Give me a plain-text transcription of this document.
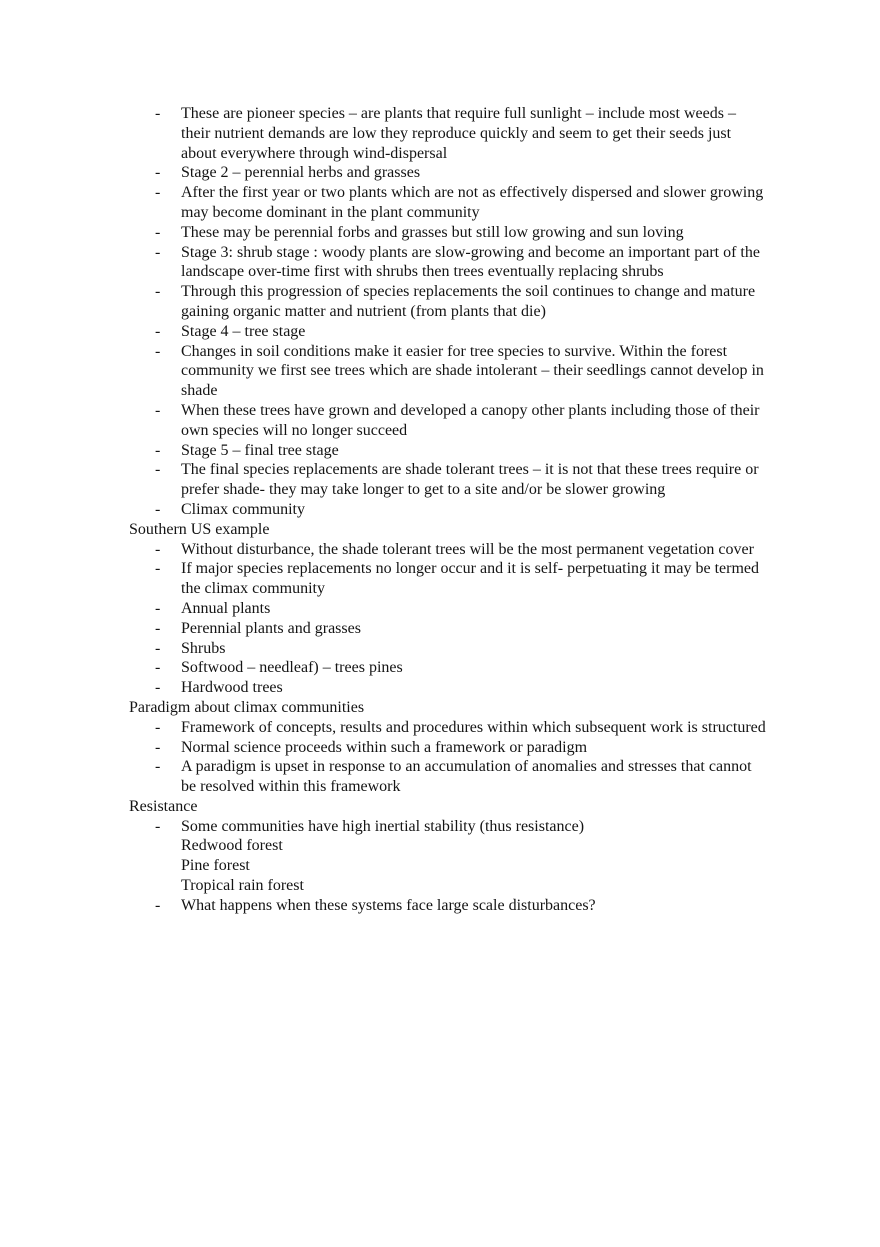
- These are pioneer species – are plants that require full sunlight – include most weeds – their nutrient demands are low they reproduce quickly and seem to get their seeds just about everywhere through wind-dispersal
- Stage 2 – perennial herbs and grasses
- After the first year or two plants which are not as effectively dispersed and slower growing may become dominant in the plant community
- These may be perennial forbs and grasses but still low growing and sun loving
- Stage 3: shrub stage : woody plants are slow-growing and become an important part of the landscape over-time first with shrubs then trees eventually replacing shrubs
- Through this progression of species replacements the soil continues to change and mature gaining organic matter and nutrient (from plants that die)
- Stage 4 – tree stage
- Changes in soil conditions make it easier for tree species to survive. Within the forest community we first see trees which are shade intolerant – their seedlings cannot develop in shade
- When these trees have grown and developed a canopy other plants including those of their own species will no longer succeed
- Stage 5 – final tree stage
- The final species replacements are shade tolerant trees – it is not that these trees require or prefer shade- they may take longer to get to a site and/or be slower growing
- Climax community
Southern US example
- Without disturbance, the shade tolerant trees will be the most permanent vegetation cover
- If major species replacements no longer occur and it is self- perpetuating it may be termed the climax community
- Annual plants
- Perennial plants and grasses
- Shrubs
- Softwood – needleaf) – trees pines
- Hardwood trees
Paradigm about climax communities
- Framework of concepts, results and procedures within which subsequent work is structured
- Normal science proceeds within such a framework or paradigm
- A paradigm is upset in response to an accumulation of anomalies and stresses that cannot be resolved within this framework
Resistance
- Some communities have high inertial stability (thus resistance)
Redwood forest
Pine forest
Tropical rain forest
- What happens when these systems face large scale disturbances?
